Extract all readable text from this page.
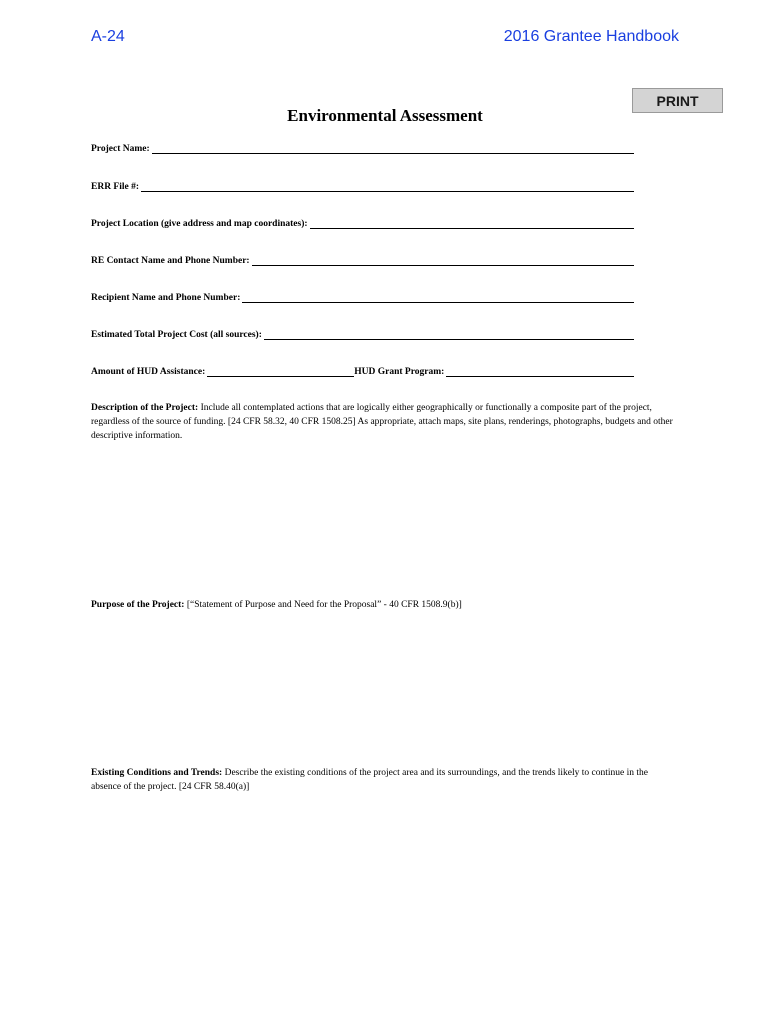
A-24	2016 Grantee Handbook
PRINT
Environmental Assessment
Project Name:
ERR File #:
Project Location (give address and map coordinates):
RE Contact Name and Phone Number:
Recipient Name and Phone Number:
Estimated Total Project Cost (all sources):
Amount of HUD Assistance:	HUD Grant Program:
Description of the Project: Include all contemplated actions that are logically either geographically or functionally a composite part of the project, regardless of the source of funding. [24 CFR 58.32, 40 CFR 1508.25] As appropriate, attach maps, site plans, renderings, photographs, budgets and other descriptive information.
Purpose of the Project: [“Statement of Purpose and Need for the Proposal” - 40 CFR 1508.9(b)]
Existing Conditions and Trends: Describe the existing conditions of the project area and its surroundings, and the trends likely to continue in the absence of the project. [24 CFR 58.40(a)]
